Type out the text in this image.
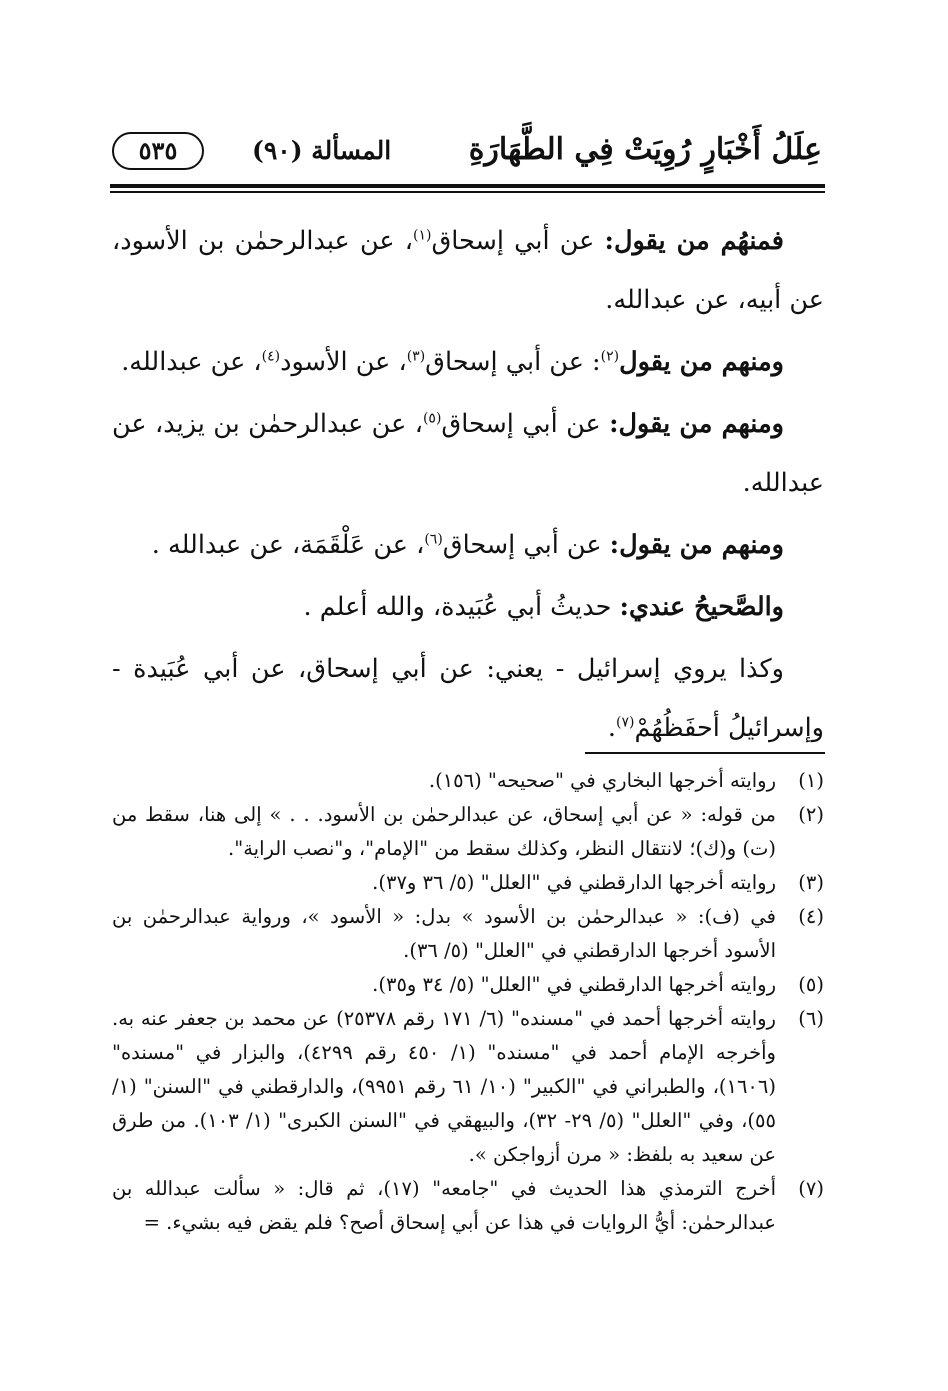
عِلَلُ أَخْبَارٍ رُوِيَتْ فِي الطَّهَارَةِ
المسألة (٩٠)
٥٣٥

فمنهُم من يقول: عن أبي إسحاق$^{(١)}$، عن عبدالرحمٰن بن الأسود، عن أبيه، عن عبدالله.

ومنهم من يقول$^{(٢)}$: عن أبي إسحاق$^{(٣)}$، عن الأسود$^{(٤)}$، عن عبدالله.

ومنهم من يقول: عن أبي إسحاق$^{(٥)}$، عن عبدالرحمٰن بن يزيد، عن عبدالله.

ومنهم من يقول: عن أبي إسحاق$^{(٦)}$، عن عَلْقَمَة، عن عبدالله .

والصَّحيحُ عندي: حديثُ أبي عُبَيدة، والله أعلم .

وكذا يروي إسرائيل - يعني: عن أبي إسحاق، عن أبي عُبَيدة - وإسرائيلُ أحفَظُهُمْ$^{(٧)}$.

(١)
روايته أخرجها البخاري في "صحيحه" (١٥٦).
(٢)
من قوله: « عن أبي إسحاق، عن عبدالرحمٰن بن الأسود. . . » إلى هنا، سقط من (ت) و(ك)؛ لانتقال النظر، وكذلك سقط من "الإمام"، و"نصب الراية".
(٣)
روايته أخرجها الدارقطني في "العلل" (٥/ ٣٦ و٣٧).
(٤)
في (ف): « عبدالرحمٰن بن الأسود » بدل: « الأسود »، ورواية عبدالرحمٰن بن الأسود أخرجها الدارقطني في "العلل" (٥/ ٣٦).
(٥)
روايته أخرجها الدارقطني في "العلل" (٥/ ٣٤ و٣٥).
(٦)
روايته أخرجها أحمد في "مسنده" (٦/ ١٧١ رقم ٢٥٣٧٨) عن محمد بن جعفر عنه به. وأخرجه الإمام أحمد في "مسنده" (١/ ٤٥٠ رقم ٤٢٩٩)، والبزار في "مسنده" (١٦٠٦)، والطبراني في "الكبير" (١٠/ ٦١ رقم ٩٩٥١)، والدارقطني في "السنن" (١/ ٥٥)، وفي "العلل" (٥/ ٢٩- ٣٢)، والبيهقي في "السنن الكبرى" (١/ ١٠٣). من طرق عن سعيد به بلفظ: « مرن أزواجكن ».
(٧)
أخرج الترمذي هذا الحديث في "جامعه" (١٧)، ثم قال: « سألت عبدالله بن عبدالرحمٰن: أيُّ الروايات في هذا عن أبي إسحاق أصح؟ فلم يقض فيه بشيء. =
